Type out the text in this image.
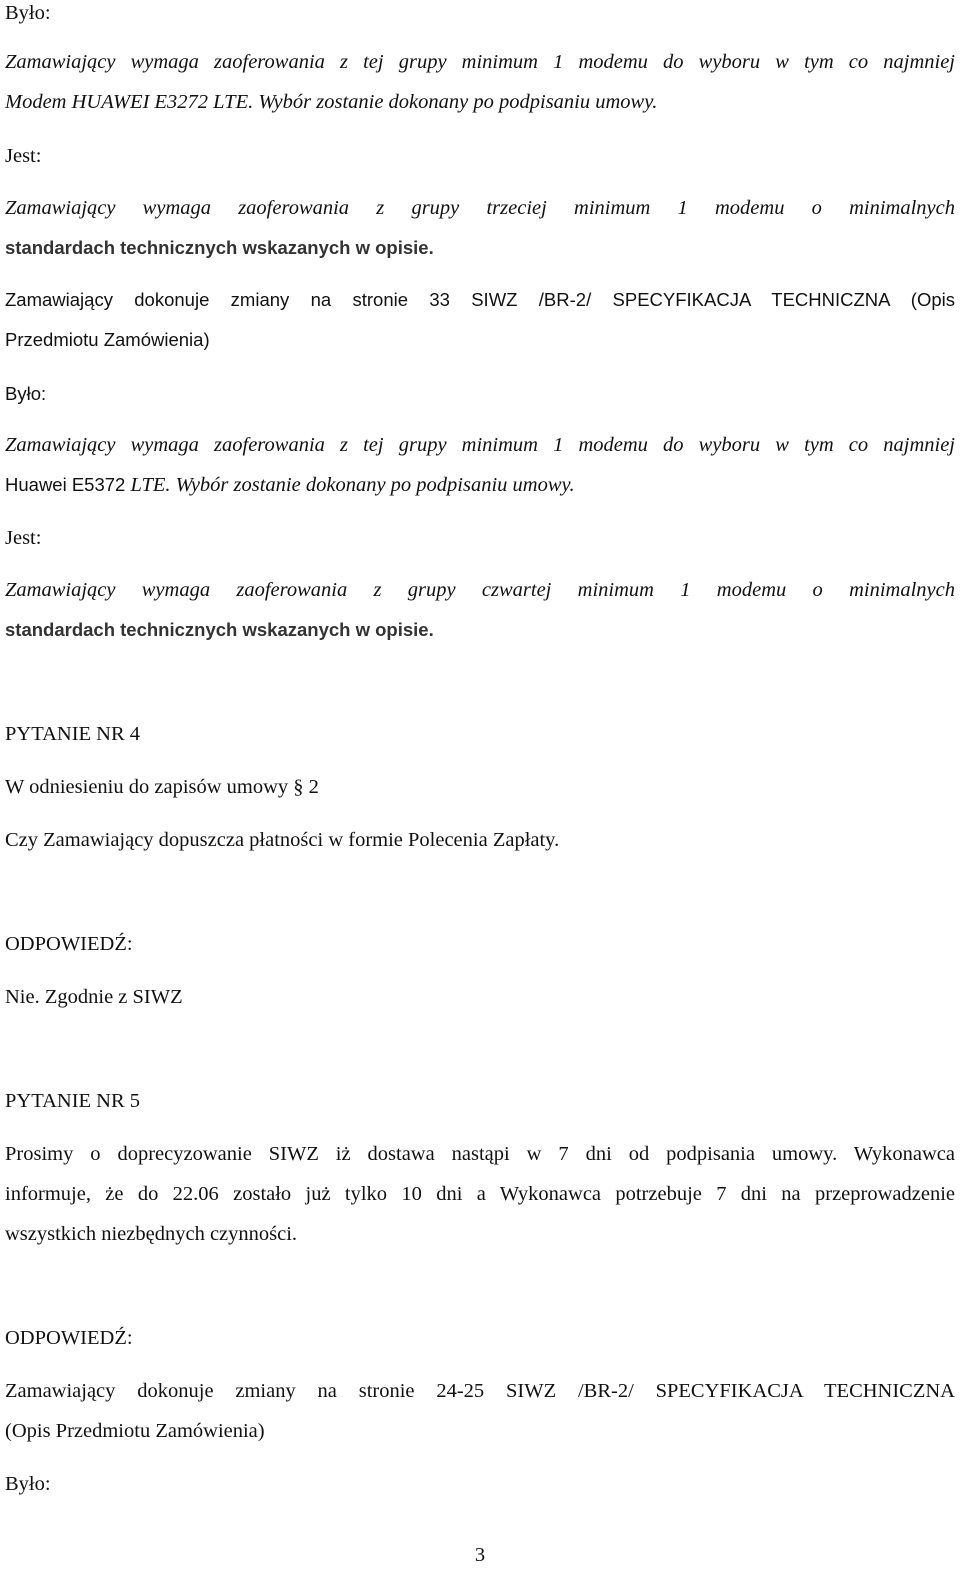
Było:
Zamawiający wymaga zaoferowania z tej grupy minimum 1 modemu do wyboru w tym co najmniej
Modem HUAWEI E3272 LTE. Wybór zostanie dokonany po podpisaniu umowy.
Jest:
Zamawiający wymaga zaoferowania z grupy trzeciej minimum 1 modemu o minimalnych
standardach technicznych wskazanych w opisie.
Zamawiający dokonuje zmiany na stronie 33 SIWZ /BR-2/ SPECYFIKACJA TECHNICZNA (Opis
Przedmiotu Zamówienia)
Było:
Zamawiający wymaga zaoferowania z tej grupy minimum 1 modemu do wyboru w tym co najmniej
Huawei E5372 LTE. Wybór zostanie dokonany po podpisaniu umowy.
Jest:
Zamawiający wymaga zaoferowania z grupy czwartej minimum 1 modemu o minimalnych
standardach technicznych wskazanych w opisie.
PYTANIE NR 4
W odniesieniu do zapisów umowy § 2
Czy Zamawiający dopuszcza płatności w formie Polecenia Zapłaty.
ODPOWIEDŹ:
Nie. Zgodnie z SIWZ
PYTANIE NR 5
Prosimy o doprecyzowanie SIWZ iż dostawa nastąpi w 7 dni od podpisania umowy. Wykonawca
informuje, że do 22.06 zostało już tylko 10 dni a Wykonawca potrzebuje 7 dni na przeprowadzenie
wszystkich niezbędnych czynności.
ODPOWIEDŹ:
Zamawiający dokonuje zmiany na stronie 24-25 SIWZ /BR-2/ SPECYFIKACJA TECHNICZNA
(Opis Przedmiotu Zamówienia)
Było:
3
